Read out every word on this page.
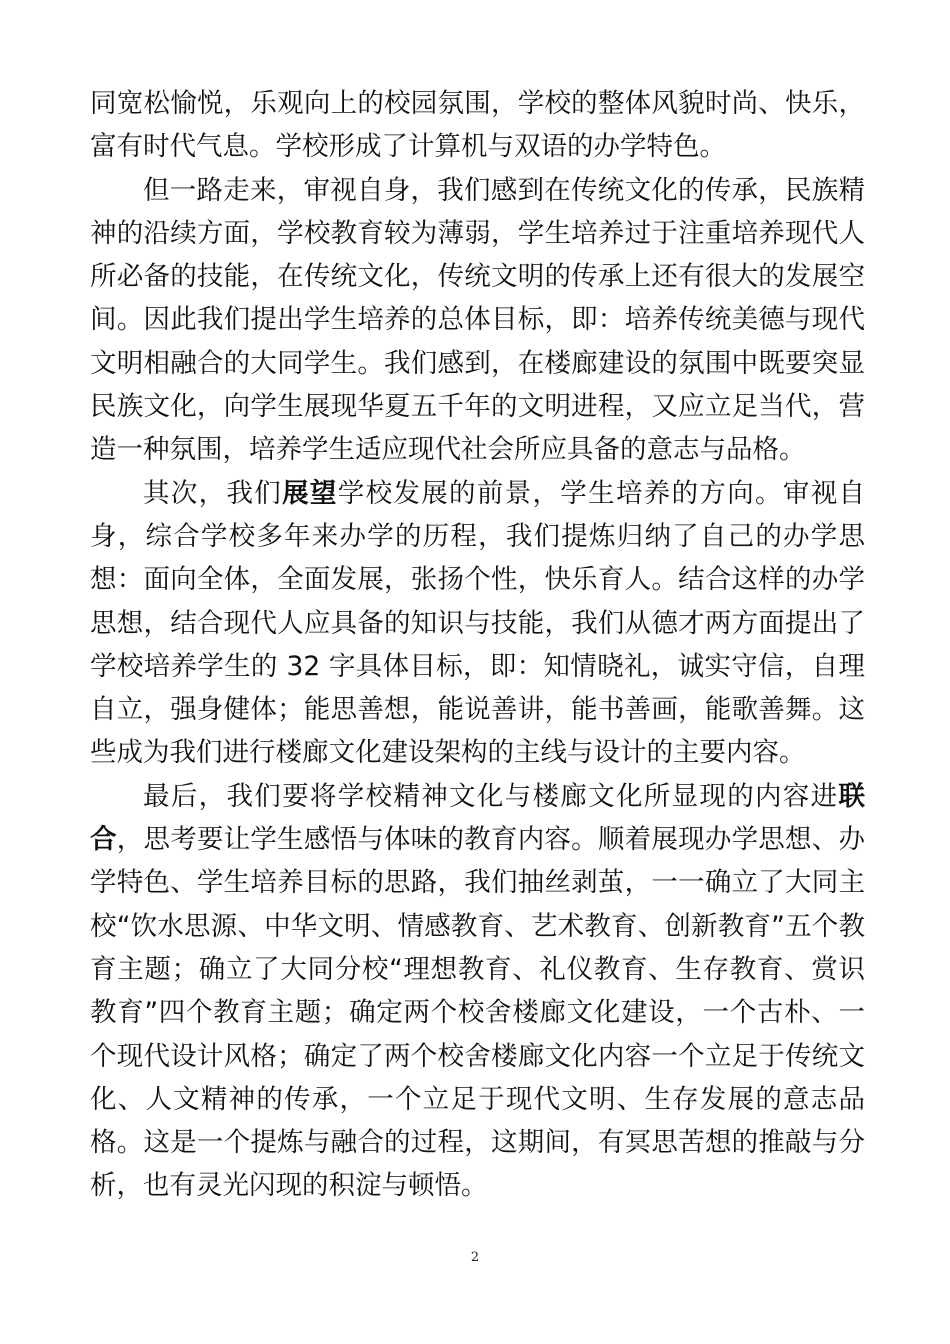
同宽松愉悦，乐观向上的校园氛围，学校的整体风貌时尚、快乐，富有时代气息。学校形成了计算机与双语的办学特色。

但一路走来，审视自身，我们感到在传统文化的传承，民族精神的沿续方面，学校教育较为薄弱，学生培养过于注重培养现代人所必备的技能，在传统文化，传统文明的传承上还有很大的发展空间。因此我们提出学生培养的总体目标，即：培养传统美德与现代文明相融合的大同学生。我们感到，在楼廊建设的氛围中既要突显民族文化，向学生展现华夏五千年的文明进程，又应立足当代，营造一种氛围，培养学生适应现代社会所应具备的意志与品格。

其次，我们展望学校发展的前景，学生培养的方向。审视自身，综合学校多年来办学的历程，我们提炼归纳了自己的办学思想：面向全体，全面发展，张扬个性，快乐育人。结合这样的办学思想，结合现代人应具备的知识与技能，我们从德才两方面提出了学校培养学生的 32 字具体目标，即：知情晓礼，诚实守信，自理自立，强身健体；能思善想，能说善讲，能书善画，能歌善舞。这些成为我们进行楼廊文化建设架构的主线与设计的主要内容。

最后，我们要将学校精神文化与楼廊文化所显现的内容进联合，思考要让学生感悟与体味的教育内容。顺着展现办学思想、办学特色、学生培养目标的思路，我们抽丝剥茧，一一确立了大同主校“饮水思源、中华文明、情感教育、艺术教育、创新教育”五个教育主题；确立了大同分校“理想教育、礼仪教育、生存教育、赏识教育”四个教育主题；确定两个校舍楼廊文化建设，一个古朴、一个现代设计风格；确定了两个校舍楼廊文化内容一个立足于传统文化、人文精神的传承，一个立足于现代文明、生存发展的意志品格。这是一个提炼与融合的过程，这期间，有冥思苦想的推敲与分析，也有灵光闪现的积淀与顿悟。

2
